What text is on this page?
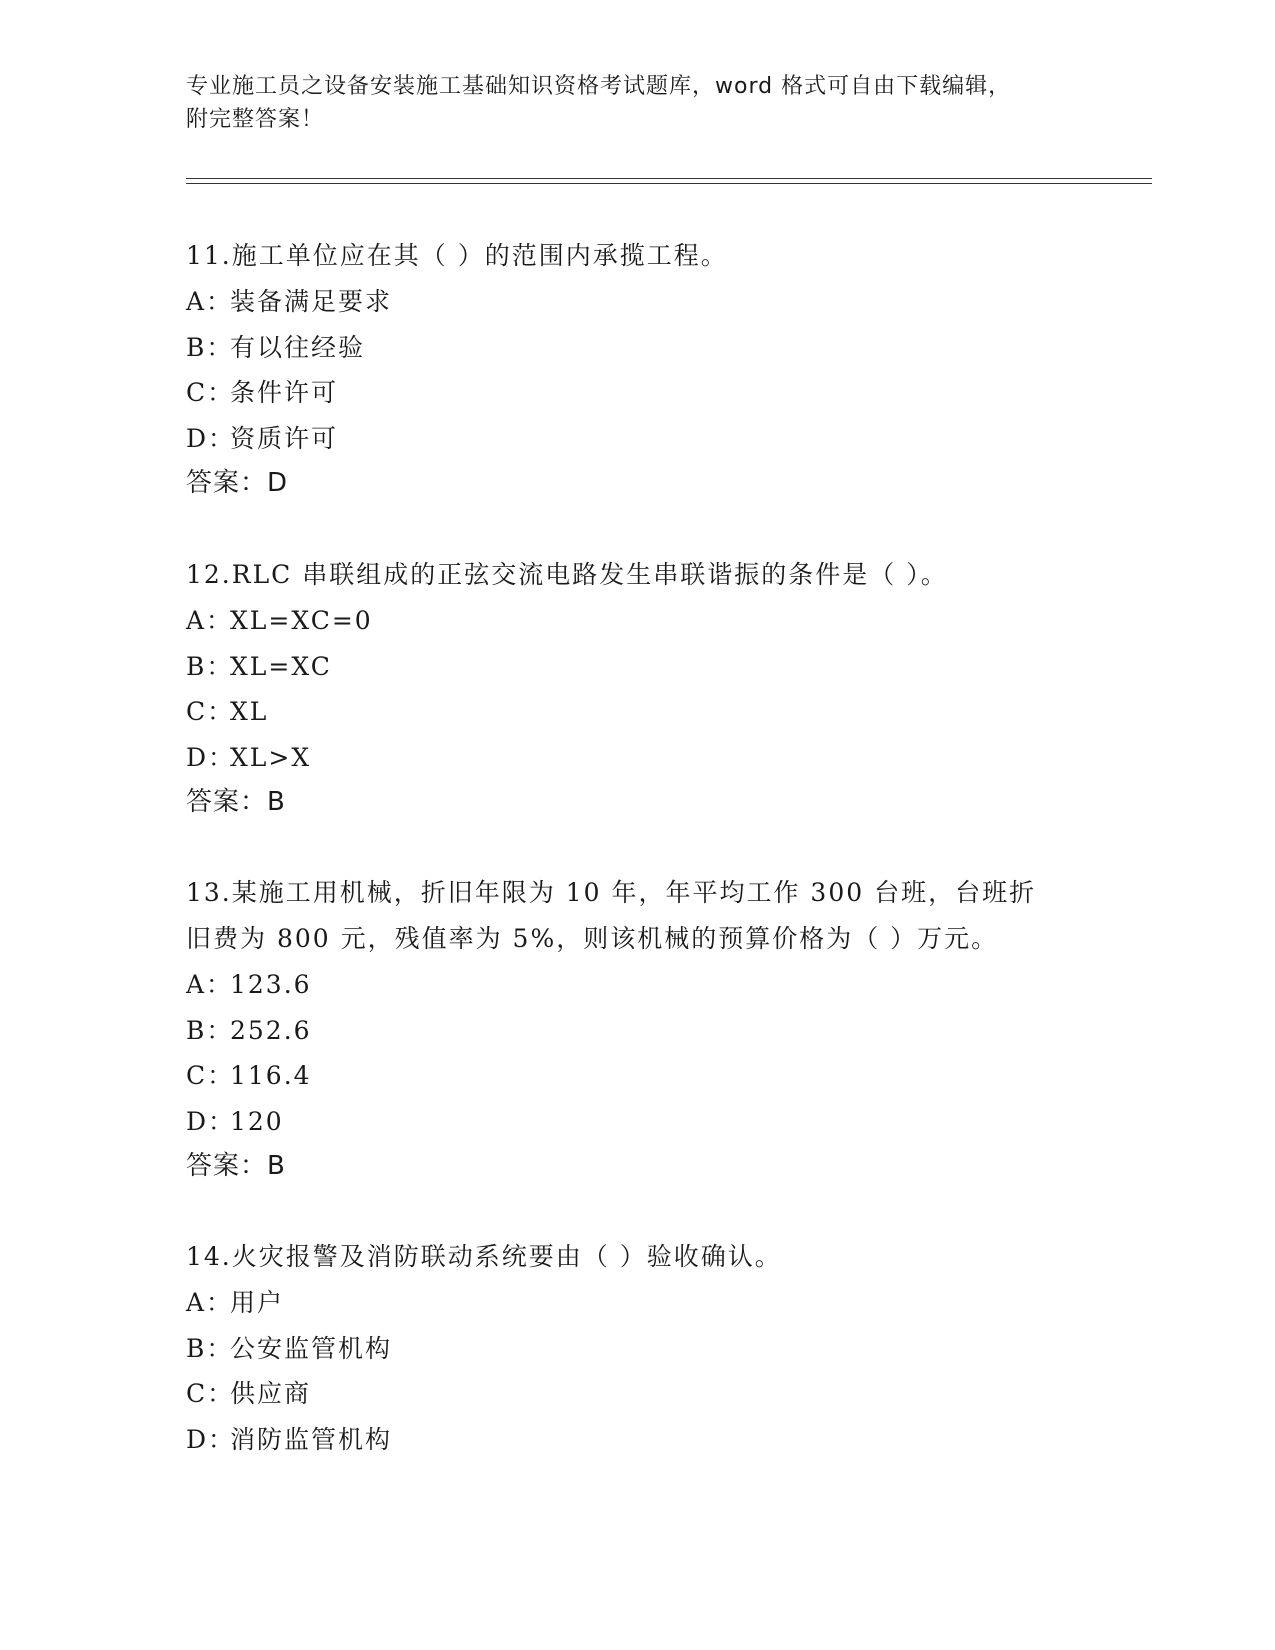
专业施工员之设备安装施工基础知识资格考试题库，word 格式可自由下载编辑，

附完整答案！

11.施工单位应在其（ ）的范围内承揽工程。

A：装备满足要求

B：有以往经验

C：条件许可

D：资质许可

答案：D

12.RLC 串联组成的正弦交流电路发生串联谐振的条件是（ ）。

A：XL=XC=0

B：XL=XC

C：XL

D：XL>X

答案：B

13.某施工用机械，折旧年限为 10 年，年平均工作 300 台班，台班折

旧费为 800 元，残值率为 5%，则该机械的预算价格为（ ）万元。

A：123.6

B：252.6

C：116.4

D：120

答案：B

14.火灾报警及消防联动系统要由（ ）验收确认。

A：用户

B：公安监管机构

C：供应商

D：消防监管机构
